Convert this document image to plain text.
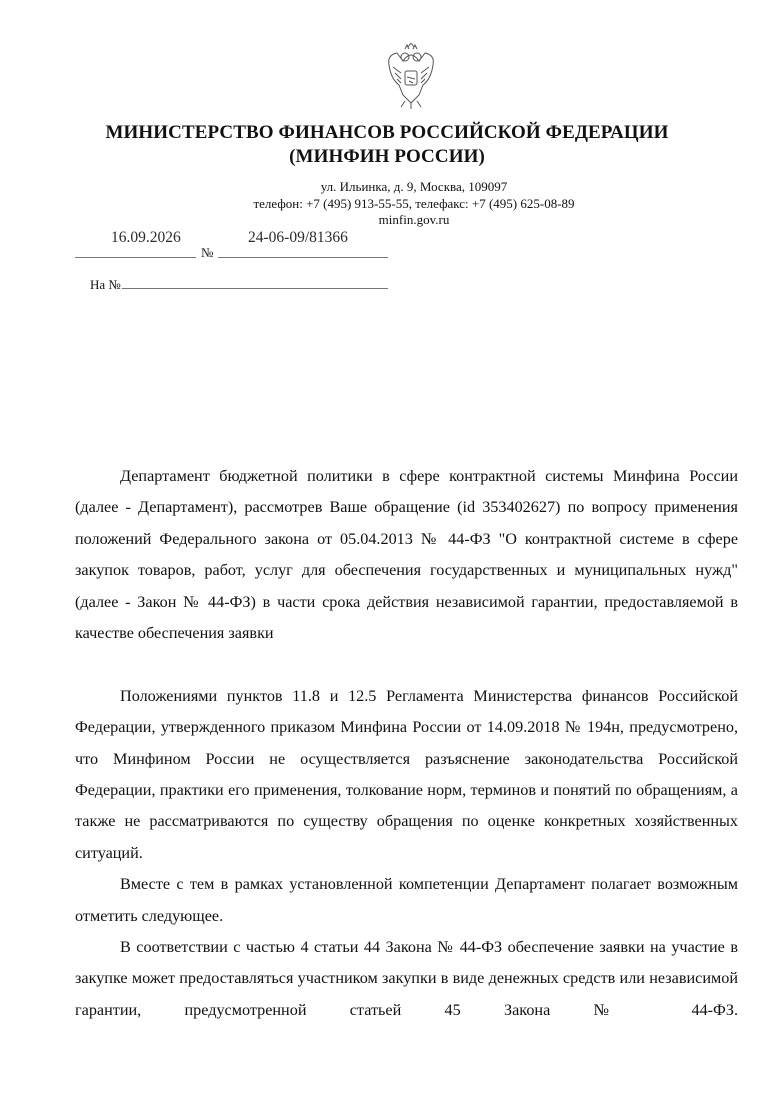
МИНИСТЕРСТВО ФИНАНСОВ РОССИЙСКОЙ ФЕДЕРАЦИИ
(МИНФИН РОССИИ)
ул. Ильинка, д. 9, Москва, 109097
телефон: +7 (495) 913-55-55, телефакс: +7 (495) 625-08-89
minfin.gov.ru
16.09.2026
№
24-06-09/81366
На №

Департамент бюджетной политики в сфере контрактной системы Минфина России (далее - Департамент), рассмотрев Ваше обращение (id 353402627) по вопросу применения положений Федерального закона от 05.04.2013 № 44-ФЗ "О контрактной системе в сфере закупок товаров, работ, услуг для обеспечения государственных и муниципальных нужд" (далее - Закон № 44-ФЗ) в части срока действия независимой гарантии, предоставляемой в качестве обеспечения заявки

Положениями пунктов 11.8 и 12.5 Регламента Министерства финансов Российской Федерации, утвержденного приказом Минфина России от 14.09.2018 № 194н, предусмотрено, что Минфином России не осуществляется разъяснение законодательства Российской Федерации, практики его применения, толкование норм, терминов и понятий по обращениям, а также не рассматриваются по существу обращения по оценке конкретных хозяйственных ситуаций.

Вместе с тем в рамках установленной компетенции Департамент полагает возможным отметить следующее.

В соответствии с частью 4 статьи 44 Закона № 44-ФЗ обеспечение заявки на участие в закупке может предоставляться участником закупки в виде денежных средств или независимой гарантии, предусмотренной статьей 45 Закона № 44-ФЗ.
